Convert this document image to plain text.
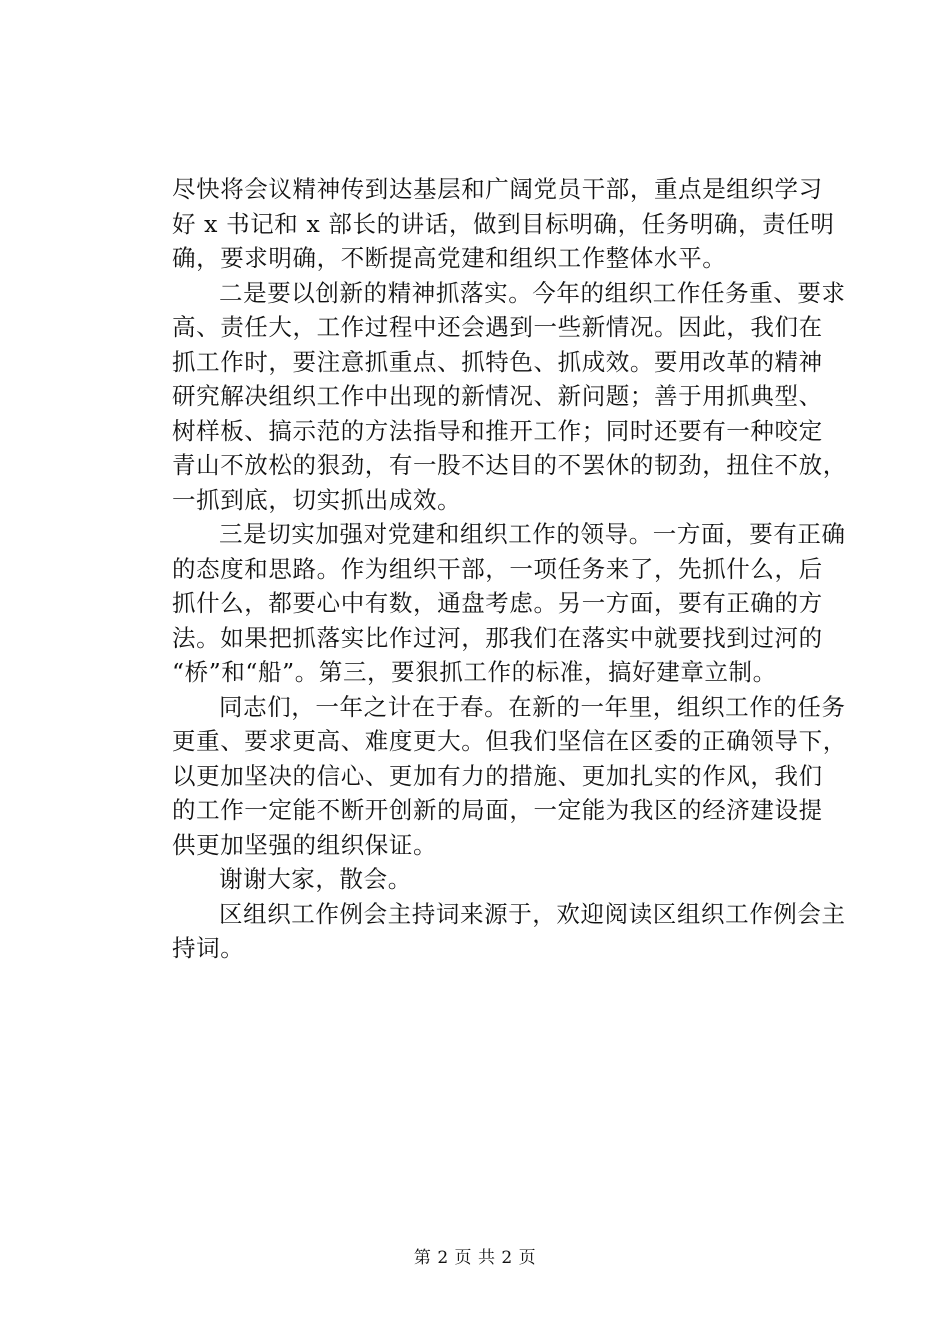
尽快将会议精神传到达基层和广阔党员干部，重点是组织学习
好 x 书记和 x 部长的讲话，做到目标明确，任务明确，责任明
确，要求明确，不断提高党建和组织工作整体水平。
二是要以创新的精神抓落实。今年的组织工作任务重、要求
高、责任大，工作过程中还会遇到一些新情况。因此，我们在
抓工作时，要注意抓重点、抓特色、抓成效。要用改革的精神
研究解决组织工作中出现的新情况、新问题；善于用抓典型、
树样板、搞示范的方法指导和推开工作；同时还要有一种咬定
青山不放松的狠劲，有一股不达目的不罢休的韧劲，扭住不放，
一抓到底，切实抓出成效。
三是切实加强对党建和组织工作的领导。一方面，要有正确
的态度和思路。作为组织干部，一项任务来了，先抓什么，后
抓什么，都要心中有数，通盘考虑。另一方面，要有正确的方
法。如果把抓落实比作过河，那我们在落实中就要找到过河的
“桥”和“船”。第三，要狠抓工作的标准，搞好建章立制。
同志们，一年之计在于春。在新的一年里，组织工作的任务
更重、要求更高、难度更大。但我们坚信在区委的正确领导下，
以更加坚决的信心、更加有力的措施、更加扎实的作风，我们
的工作一定能不断开创新的局面，一定能为我区的经济建设提
供更加坚强的组织保证。
谢谢大家，散会。
区组织工作例会主持词来源于，欢迎阅读区组织工作例会主
持词。
第 2 页 共 2 页
